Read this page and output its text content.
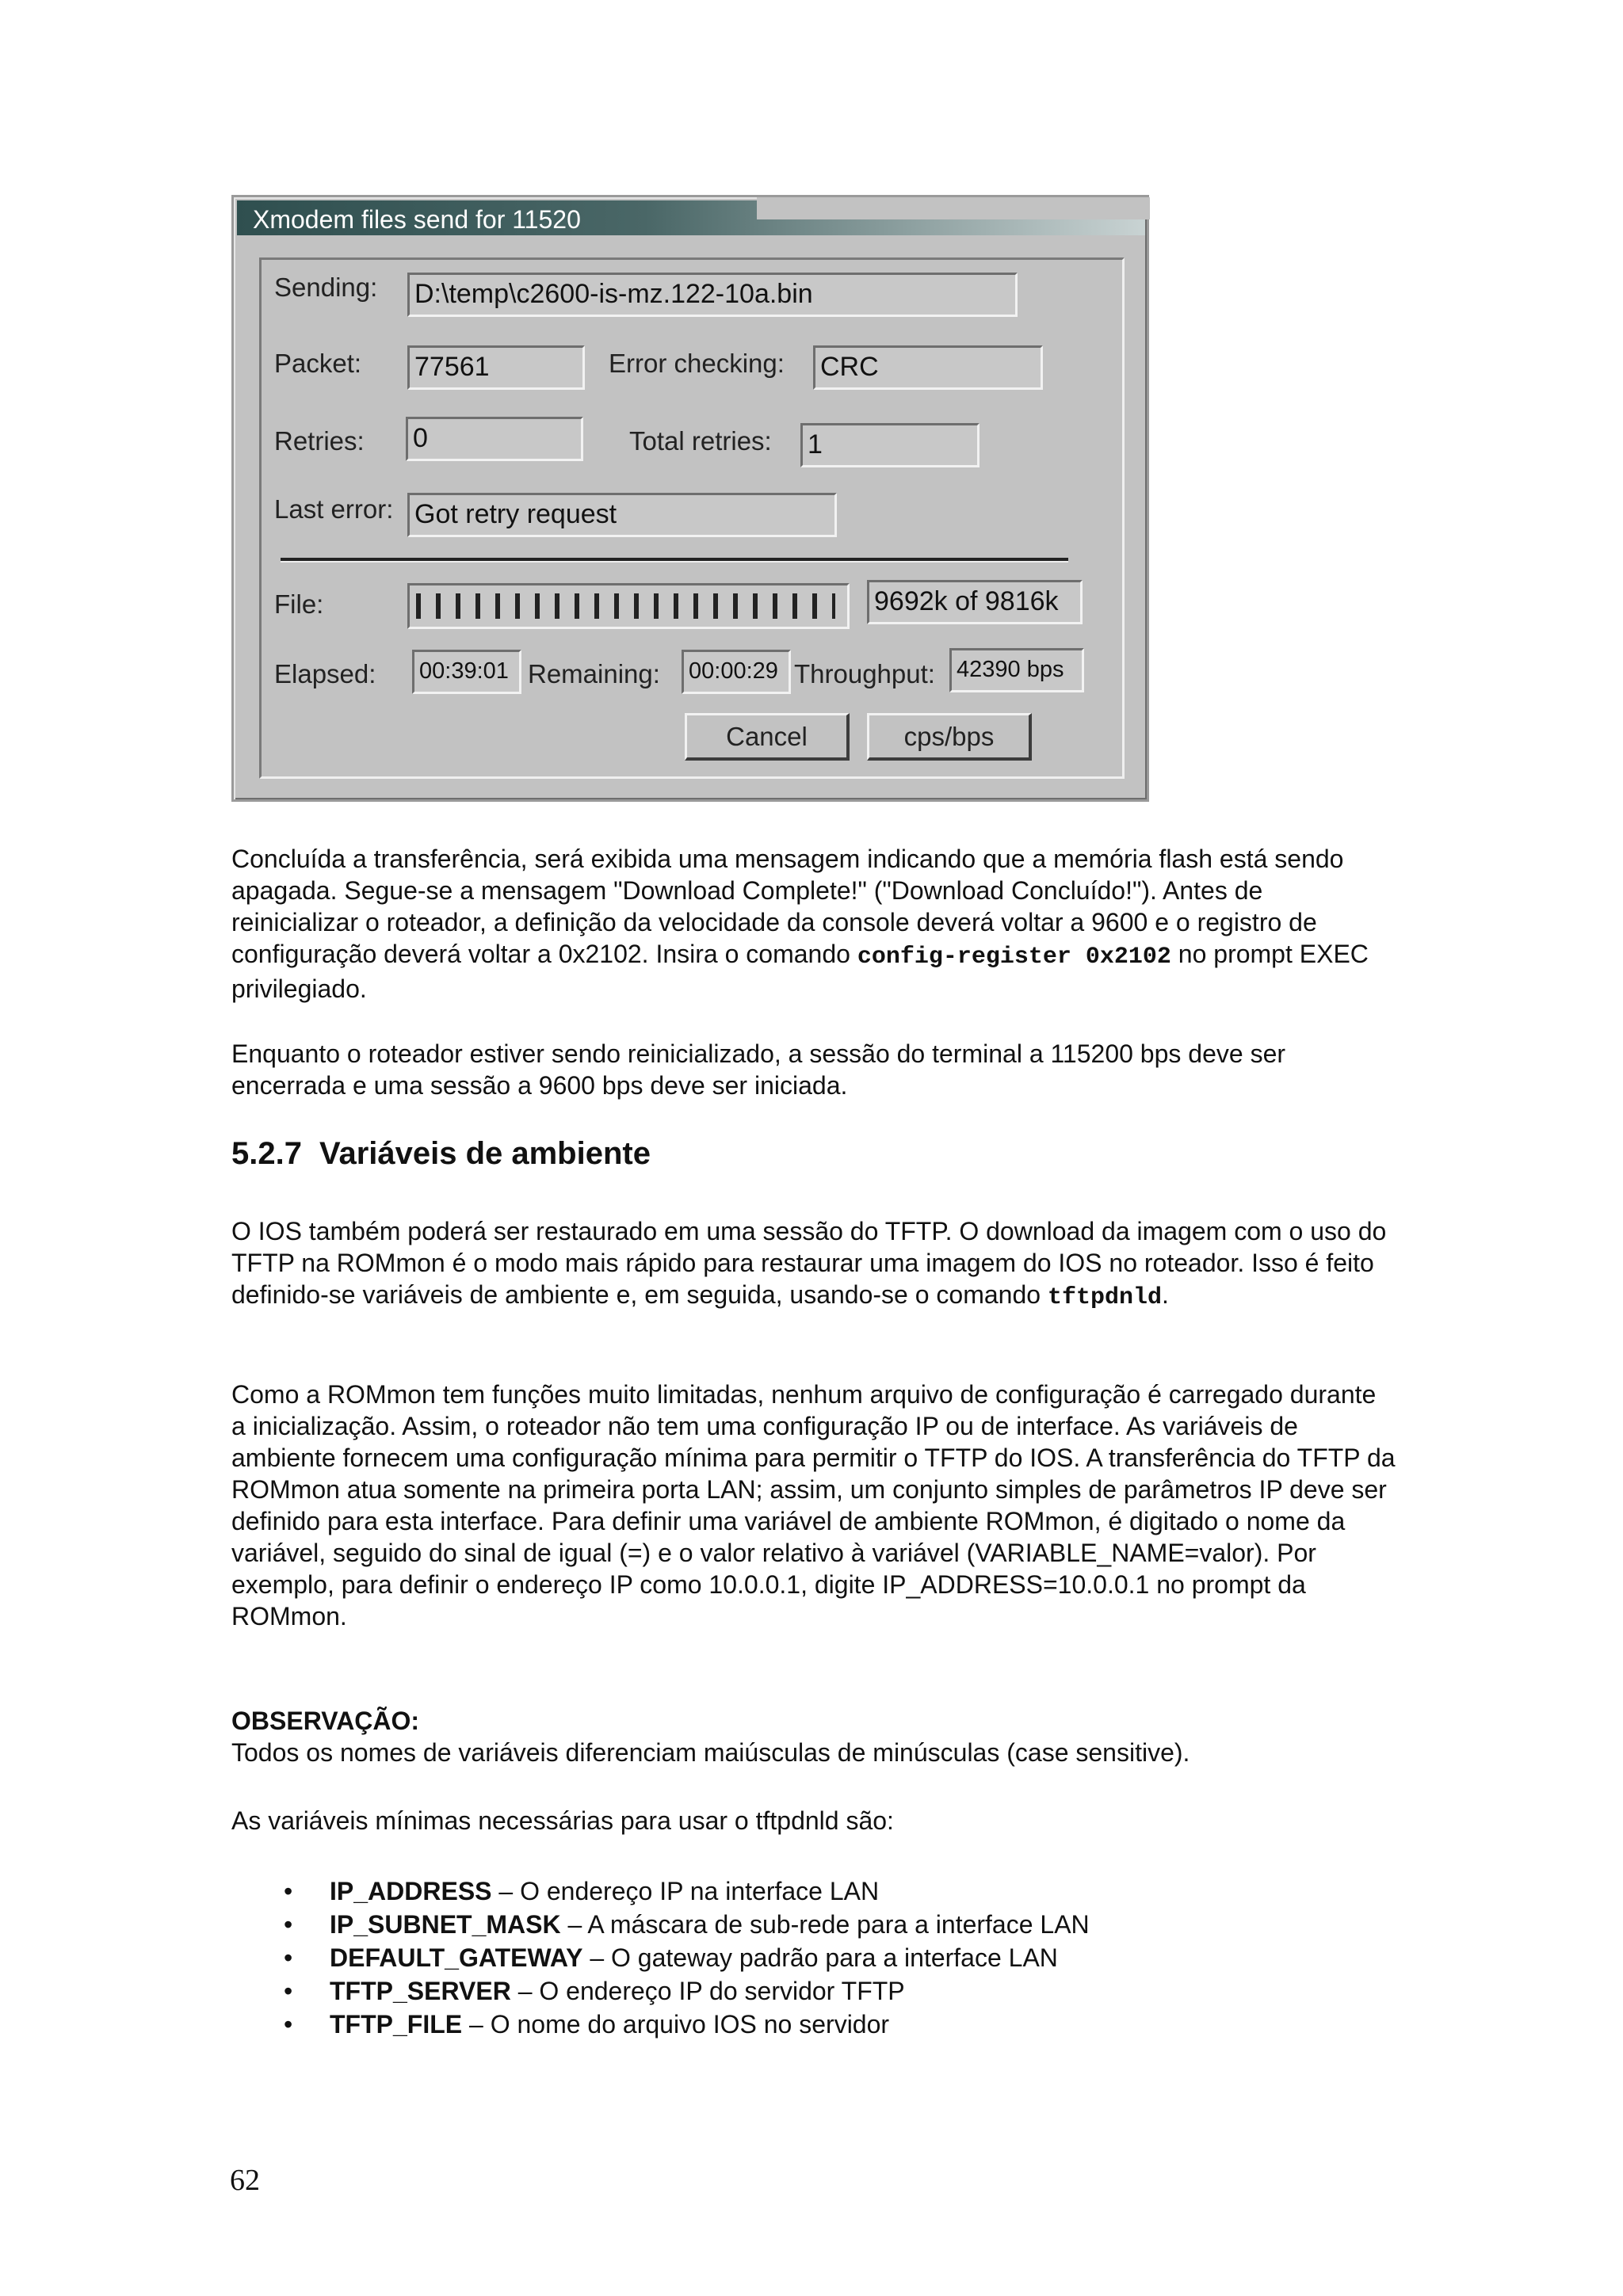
Xmodem files send for 11520
Sending: D:\temp\c2600-is-mz.122-10a.bin
Packet: 77561	Error checking: CRC
Retries: 0	Total retries: 1
Last error: Got retry request
File:	9692k of 9816k
Elapsed:	00:39:01 Remaining:	00:00:29 Throughput: 42390 bps
Cancel	cps/bps

Concluída a transferência, será exibida uma mensagem indicando que a memória flash está sendo apagada. Segue-se a mensagem "Download Complete!" ("Download Concluído!"). Antes de reinicializar o roteador, a definição da velocidade da console deverá voltar a 9600 e o registro de configuração deverá voltar a 0x2102. Insira o comando config-register 0x2102 no prompt EXEC privilegiado.

Enquanto o roteador estiver sendo reinicializado, a sessão do terminal a 115200 bps deve ser encerrada e uma sessão a 9600 bps deve ser iniciada.

5.2.7 Variáveis de ambiente

O IOS também poderá ser restaurado em uma sessão do TFTP. O download da imagem com o uso do TFTP na ROMmon é o modo mais rápido para restaurar uma imagem do IOS no roteador. Isso é feito definido-se variáveis de ambiente e, em seguida, usando-se o comando tftpdnld.

Como a ROMmon tem funções muito limitadas, nenhum arquivo de configuração é carregado durante a inicialização. Assim, o roteador não tem uma configuração IP ou de interface. As variáveis de ambiente fornecem uma configuração mínima para permitir o TFTP do IOS. A transferência do TFTP da ROMmon atua somente na primeira porta LAN; assim, um conjunto simples de parâmetros IP deve ser definido para esta interface. Para definir uma variável de ambiente ROMmon, é digitado o nome da variável, seguido do sinal de igual (=) e o valor relativo à variável (VARIABLE_NAME=valor). Por exemplo, para definir o endereço IP como 10.0.0.1, digite IP_ADDRESS=10.0.0.1 no prompt da ROMmon.

OBSERVAÇÃO:
Todos os nomes de variáveis diferenciam maiúsculas de minúsculas (case sensitive).

As variáveis mínimas necessárias para usar o tftpdnld são:

• IP_ADDRESS – O endereço IP na interface LAN
• IP_SUBNET_MASK – A máscara de sub-rede para a interface LAN
• DEFAULT_GATEWAY – O gateway padrão para a interface LAN
• TFTP_SERVER – O endereço IP do servidor TFTP
• TFTP_FILE – O nome do arquivo IOS no servidor
62
